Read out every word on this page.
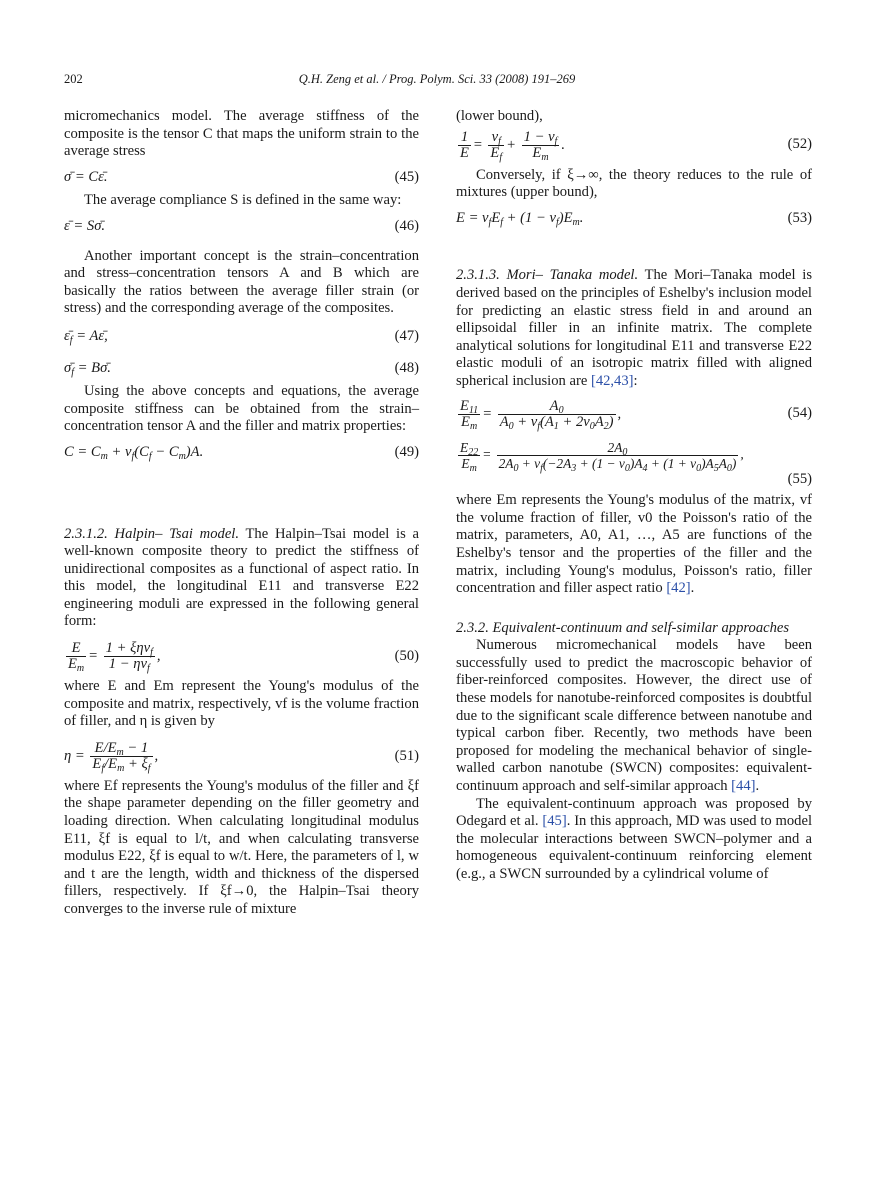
202	Q.H. Zeng et al. / Prog. Polym. Sci. 33 (2008) 191–269

micromechanics model. The average stiffness of the composite is the tensor C that maps the uniform strain to the average stress

σ̄ = Cε̄.	(45)

The average compliance S is defined in the same way:

ε̄ = Sσ̄.	(46)

Another important concept is the strain–concentration and stress–concentration tensors A and B which are basically the ratios between the average filler strain (or stress) and the corresponding average of the composites.

$\varepsilon̄_f$ = Aε̄,	(47)
$\sigmā_f$ = Bσ̄.	(48)

Using the above concepts and equations, the average composite stiffness can be obtained from the strain–concentration tensor A and the filler and matrix properties:

$C = C_m + v_f(C_f - C_m)A$.	(49)

2.3.1.2. Halpin– Tsai model. The Halpin–Tsai model is a well-known composite theory to predict the stiffness of unidirectional composites as a functional of aspect ratio. In this model, the longitudinal E11 and transverse E22 engineering moduli are expressed in the following general form:

$\frac{E}{E_m} = \frac{1 + \xi\eta v_f}{1 - \eta v_f}$ ,	(50)

where E and Em represent the Young's modulus of the composite and matrix, respectively, vf is the volume fraction of filler, and η is given by

$\eta = \frac{E/E_m - 1}{E_f/E_m + \xi_f}$ ,	(51)

where Ef represents the Young's modulus of the filler and ξf the shape parameter depending on the filler geometry and loading direction. When calculating longitudinal modulus E11, ξf is equal to l/t, and when calculating transverse modulus E22, ξf is equal to w/t. Here, the parameters of l, w and t are the length, width and thickness of the dispersed fillers, respectively. If ξf→0, the Halpin–Tsai theory converges to the inverse rule of mixture

(lower bound),

$\frac{1}{E} = \frac{v_f}{E_f} + \frac{1 - v_f}{E_m}$ .	(52)

Conversely, if ξ→∞, the theory reduces to the rule of mixtures (upper bound),

$E = v_fE_f + (1 - v_f)E_m$.	(53)

2.3.1.3. Mori– Tanaka model. The Mori–Tanaka model is derived based on the principles of Eshelby's inclusion model for predicting an elastic stress field in and around an ellipsoidal filler in an infinite matrix. The complete analytical solutions for longitudinal E11 and transverse E22 elastic moduli of an isotropic matrix filled with aligned spherical inclusion are [42,43]:

$\frac{E_{11}}{E_m} = \frac{A_0}{A_0 + v_f(A_1 + 2v_0A_2)}$ ,	(54)
$\frac{E_{22}}{E_m} = \frac{2A_0}{2A_0 + v_f(-2A_3 + (1 - v_0)A_4 + (1 + v_0)A_5A_0)}$ ,
(55)

where Em represents the Young's modulus of the matrix, vf the volume fraction of filler, v0 the Poisson's ratio of the matrix, parameters, A0, A1, …, A5 are functions of the Eshelby's tensor and the properties of the filler and the matrix, including Young's modulus, Poisson's ratio, filler concentration and filler aspect ratio [42].

2.3.2. Equivalent-continuum and self-similar approaches

Numerous micromechanical models have been successfully used to predict the macroscopic behavior of fiber-reinforced composites. However, the direct use of these models for nanotube-reinforced composites is doubtful due to the significant scale difference between nanotube and typical carbon fiber. Recently, two methods have been proposed for modeling the mechanical behavior of single-walled carbon nanotube (SWCN) composites: equivalent-continuum approach and self-similar approach [44].

The equivalent-continuum approach was proposed by Odegard et al. [45]. In this approach, MD was used to model the molecular interactions between SWCN–polymer and a homogeneous equivalent-continuum reinforcing element (e.g., a SWCN surrounded by a cylindrical volume of
